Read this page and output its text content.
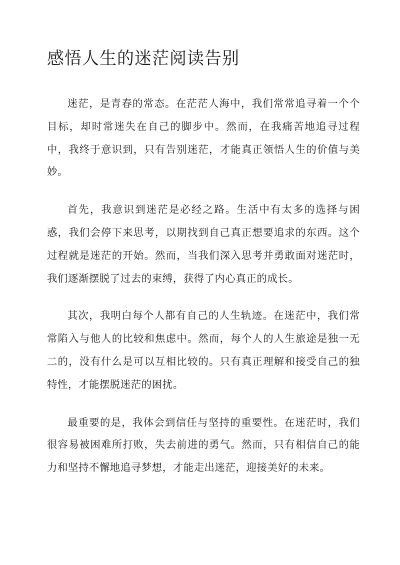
感悟人生的迷茫阅读告别

迷茫，是青春的常态。在茫茫人海中，我们常常追寻着一个个目标，却时常迷失在自己的脚步中。然而，在我痛苦地追寻过程中，我终于意识到，只有告别迷茫，才能真正领悟人生的价值与美妙。

首先，我意识到迷茫是必经之路。生活中有太多的选择与困惑，我们会停下来思考，以期找到自己真正想要追求的东西。这个过程就是迷茫的开始。然而，当我们深入思考并勇敢面对迷茫时，我们逐渐摆脱了过去的束缚，获得了内心真正的成长。

其次，我明白每个人都有自己的人生轨迹。在迷茫中，我们常常陷入与他人的比较和焦虑中。然而，每个人的人生旅途是独一无二的，没有什么是可以互相比较的。只有真正理解和接受自己的独特性，才能摆脱迷茫的困扰。

最重要的是，我体会到信任与坚持的重要性。在迷茫时，我们很容易被困难所打败，失去前进的勇气。然而，只有相信自己的能力和坚持不懈地追寻梦想，才能走出迷茫，迎接美好的未来。
